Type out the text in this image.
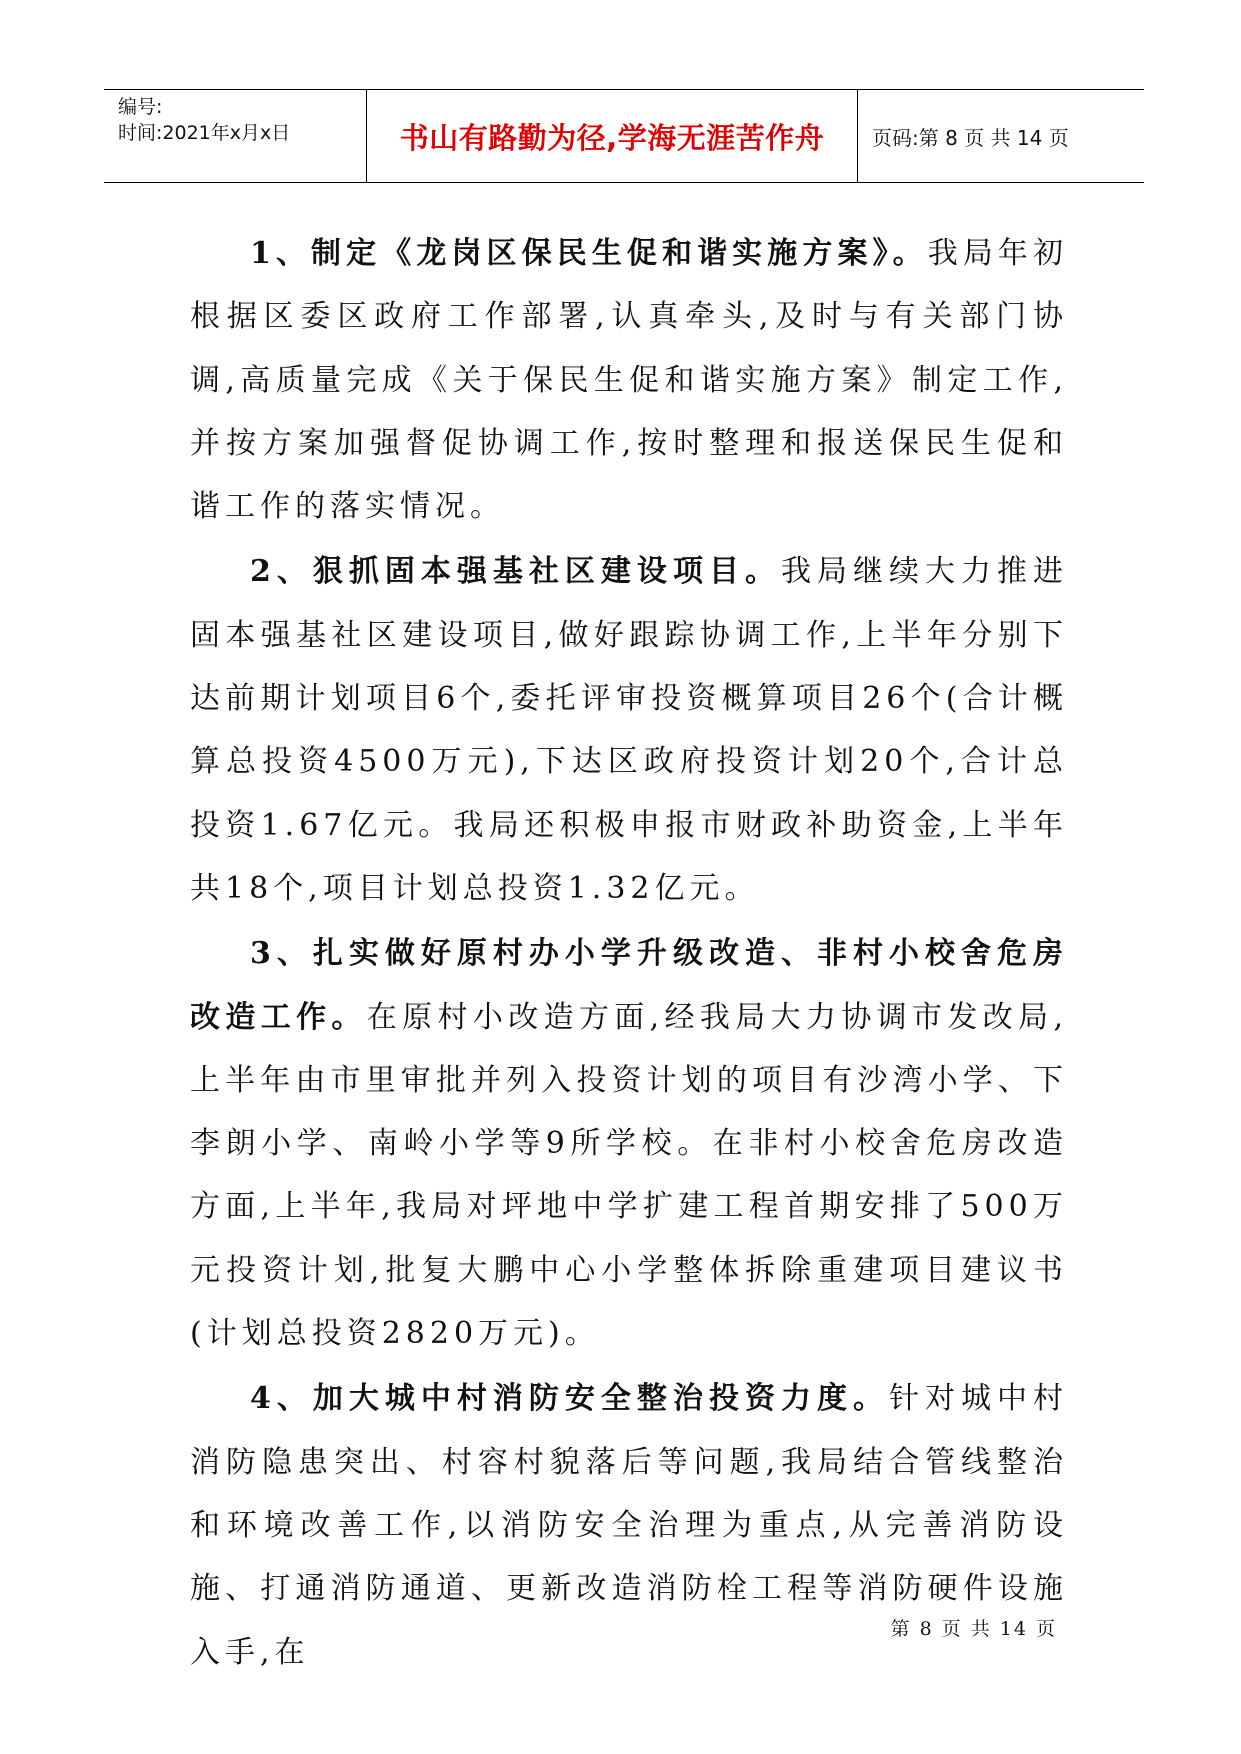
编号:
时间:2021年x月x日	书山有路勤为径,学海无涯苦作舟	页码:第 8 页 共 14 页

1、制定《龙岗区保民生促和谐实施方案》。我局年初根据区委区政府工作部署,认真牵头,及时与有关部门协调,高质量完成《关于保民生促和谐实施方案》制定工作,并按方案加强督促协调工作,按时整理和报送保民生促和谐工作的落实情况。

2、狠抓固本强基社区建设项目。我局继续大力推进固本强基社区建设项目,做好跟踪协调工作,上半年分别下达前期计划项目6个,委托评审投资概算项目26个(合计概算总投资4500万元),下达区政府投资计划20个,合计总投资1.67亿元。我局还积极申报市财政补助资金,上半年共18个,项目计划总投资1.32亿元。

3、扎实做好原村办小学升级改造、非村小校舍危房改造工作。在原村小改造方面,经我局大力协调市发改局,上半年由市里审批并列入投资计划的项目有沙湾小学、下李朗小学、南岭小学等9所学校。在非村小校舍危房改造方面,上半年,我局对坪地中学扩建工程首期安排了500万元投资计划,批复大鹏中心小学整体拆除重建项目建议书(计划总投资2820万元)。

4、加大城中村消防安全整治投资力度。针对城中村消防隐患突出、村容村貌落后等问题,我局结合管线整治和环境改善工作,以消防安全治理为重点,从完善消防设施、打通消防通道、更新改造消防栓工程等消防硬件设施入手,在

第 8 页 共 14 页
